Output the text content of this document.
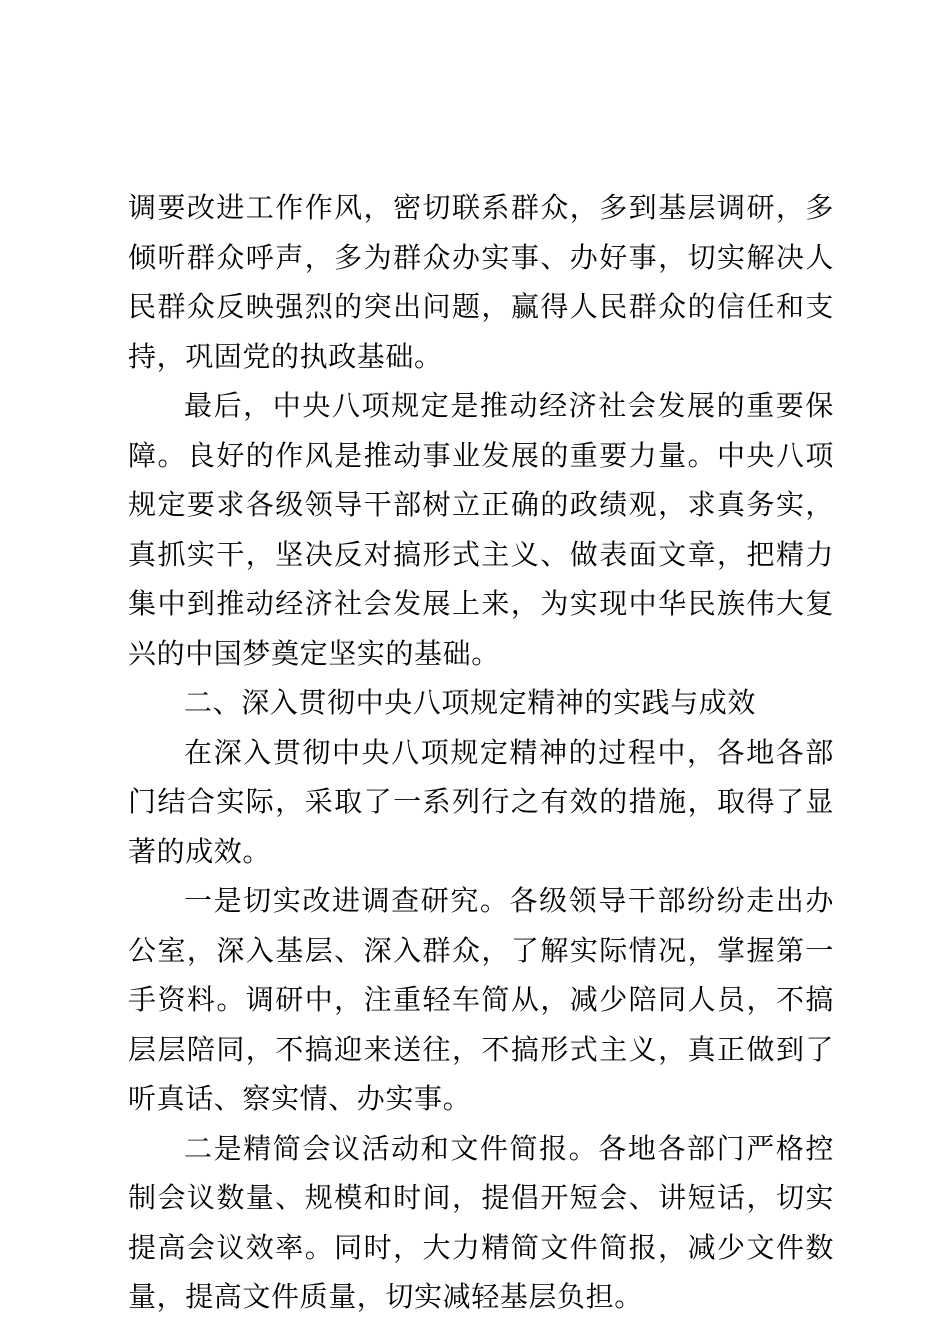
调要改进工作作风，密切联系群众，多到基层调研，多倾听群众呼声，多为群众办实事、办好事，切实解决人民群众反映强烈的突出问题，赢得人民群众的信任和支持，巩固党的执政基础。

最后，中央八项规定是推动经济社会发展的重要保障。良好的作风是推动事业发展的重要力量。中央八项规定要求各级领导干部树立正确的政绩观，求真务实，真抓实干，坚决反对搞形式主义、做表面文章，把精力集中到推动经济社会发展上来，为实现中华民族伟大复兴的中国梦奠定坚实的基础。

二、深入贯彻中央八项规定精神的实践与成效

在深入贯彻中央八项规定精神的过程中，各地各部门结合实际，采取了一系列行之有效的措施，取得了显著的成效。

一是切实改进调查研究。各级领导干部纷纷走出办公室，深入基层、深入群众，了解实际情况，掌握第一手资料。调研中，注重轻车简从，减少陪同人员，不搞层层陪同，不搞迎来送往，不搞形式主义，真正做到了听真话、察实情、办实事。

二是精简会议活动和文件简报。各地各部门严格控制会议数量、规模和时间，提倡开短会、讲短话，切实提高会议效率。同时，大力精简文件简报，减少文件数量，提高文件质量，切实减轻基层负担。
